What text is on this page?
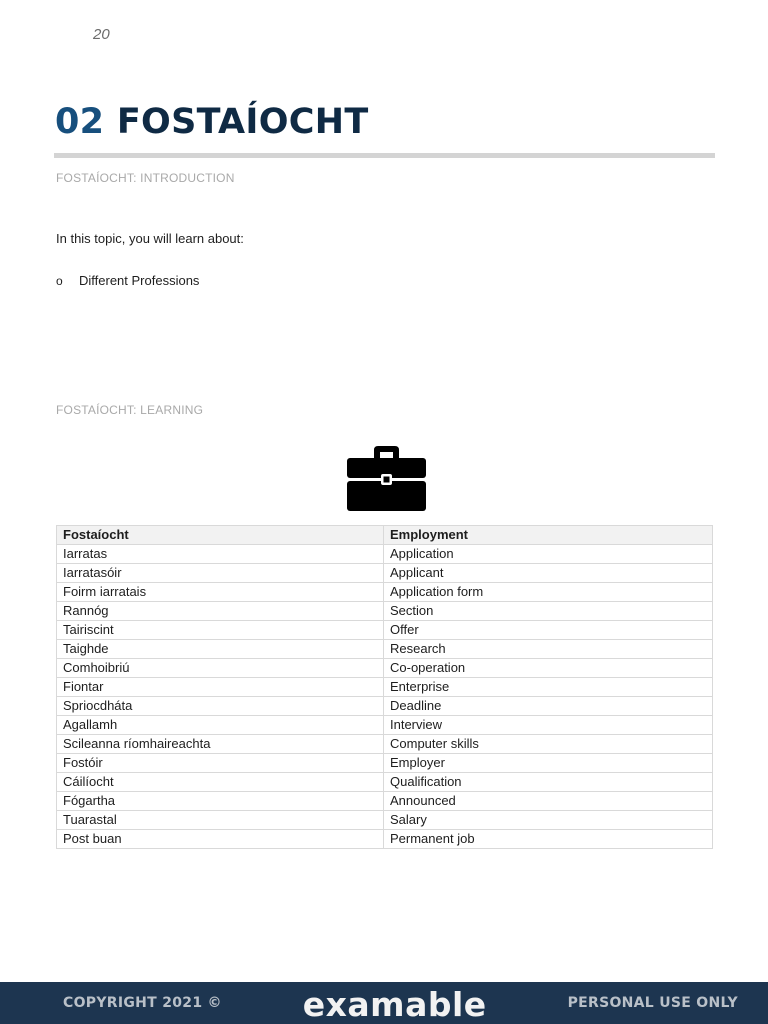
20
02 FOSTAÍOCHT
FOSTAÍOCHT: INTRODUCTION
In this topic, you will learn about:
o	Different Professions
FOSTAÍOCHT: LEARNING
Fostaíocht	Employment
Iarratas	Application
Iarratasóir	Applicant
Foirm iarratais	Application form
Rannóg	Section
Tairiscint	Offer
Taighde	Research
Comhoibriú	Co-operation
Fiontar	Enterprise
Spriocdháta	Deadline
Agallamh	Interview
Scileanna ríomhaireachta	Computer skills
Fostóir	Employer
Cáilíocht	Qualification
Fógartha	Announced
Tuarastal	Salary
Post buan	Permanent job
COPYRIGHT 2021 © examable	PERSONAL USE ONLY
